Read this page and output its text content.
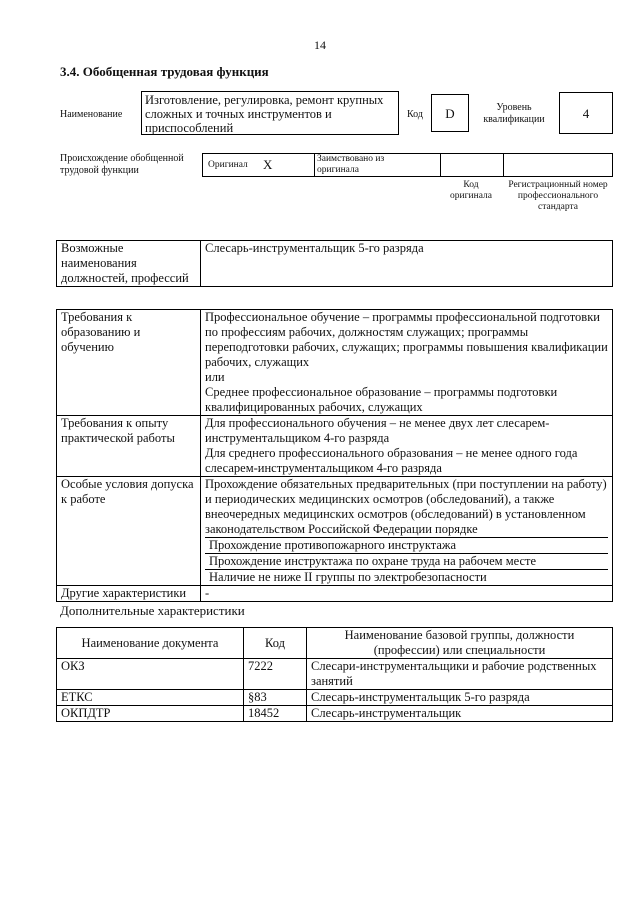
14
3.4. Обобщенная трудовая функция
Наименование
Изготовление, регулировка, ремонт крупных сложных и точных инструментов и приспособлений
Код	D	Уровень квалификации	4
Происхождение обобщенной трудовой функции	Оригинал X	Заимствовано из оригинала
Код оригинала
Регистрационный номер профессионального стандарта
Возможные наименования должностей, профессий	Слесарь-инструментальщик 5-го разряда
Требования к образованию и обучению	Профессиональное обучение – программы профессиональной подготовки по профессиям рабочих, должностям служащих; программы переподготовки рабочих, служащих; программы повышения квалификации рабочих, служащих

или

Среднее профессиональное образование – программы подготовки квалифицированных рабочих, служащих

Требования к опыту практической работы	Для профессионального обучения – не менее двух лет слесарем-инструментальщиком 4-го разряда

Для среднего профессионального образования – не менее одного года слесарем-инструментальщиком 4-го разряда

Особые условия допуска к работе	Прохождение обязательных предварительных (при поступлении на работу) и периодических медицинских осмотров (обследований), а также внеочередных медицинских осмотров (обследований) в установленном законодательством Российской Федерации порядке

Прохождение противопожарного инструктажа

Прохождение инструктажа по охране труда на рабочем месте

Наличие не ниже II группы по электробезопасности

Другие характеристики	-
Дополнительные характеристики
Наименование документа	Код	Наименование базовой группы, должности (профессии) или специальности
ОКЗ	7222	Слесари-инструментальщики и рабочие родственных занятий
ЕТКС	§83	Слесарь-инструментальщик 5-го разряда
ОКПДТР	18452	Слесарь-инструментальщик
